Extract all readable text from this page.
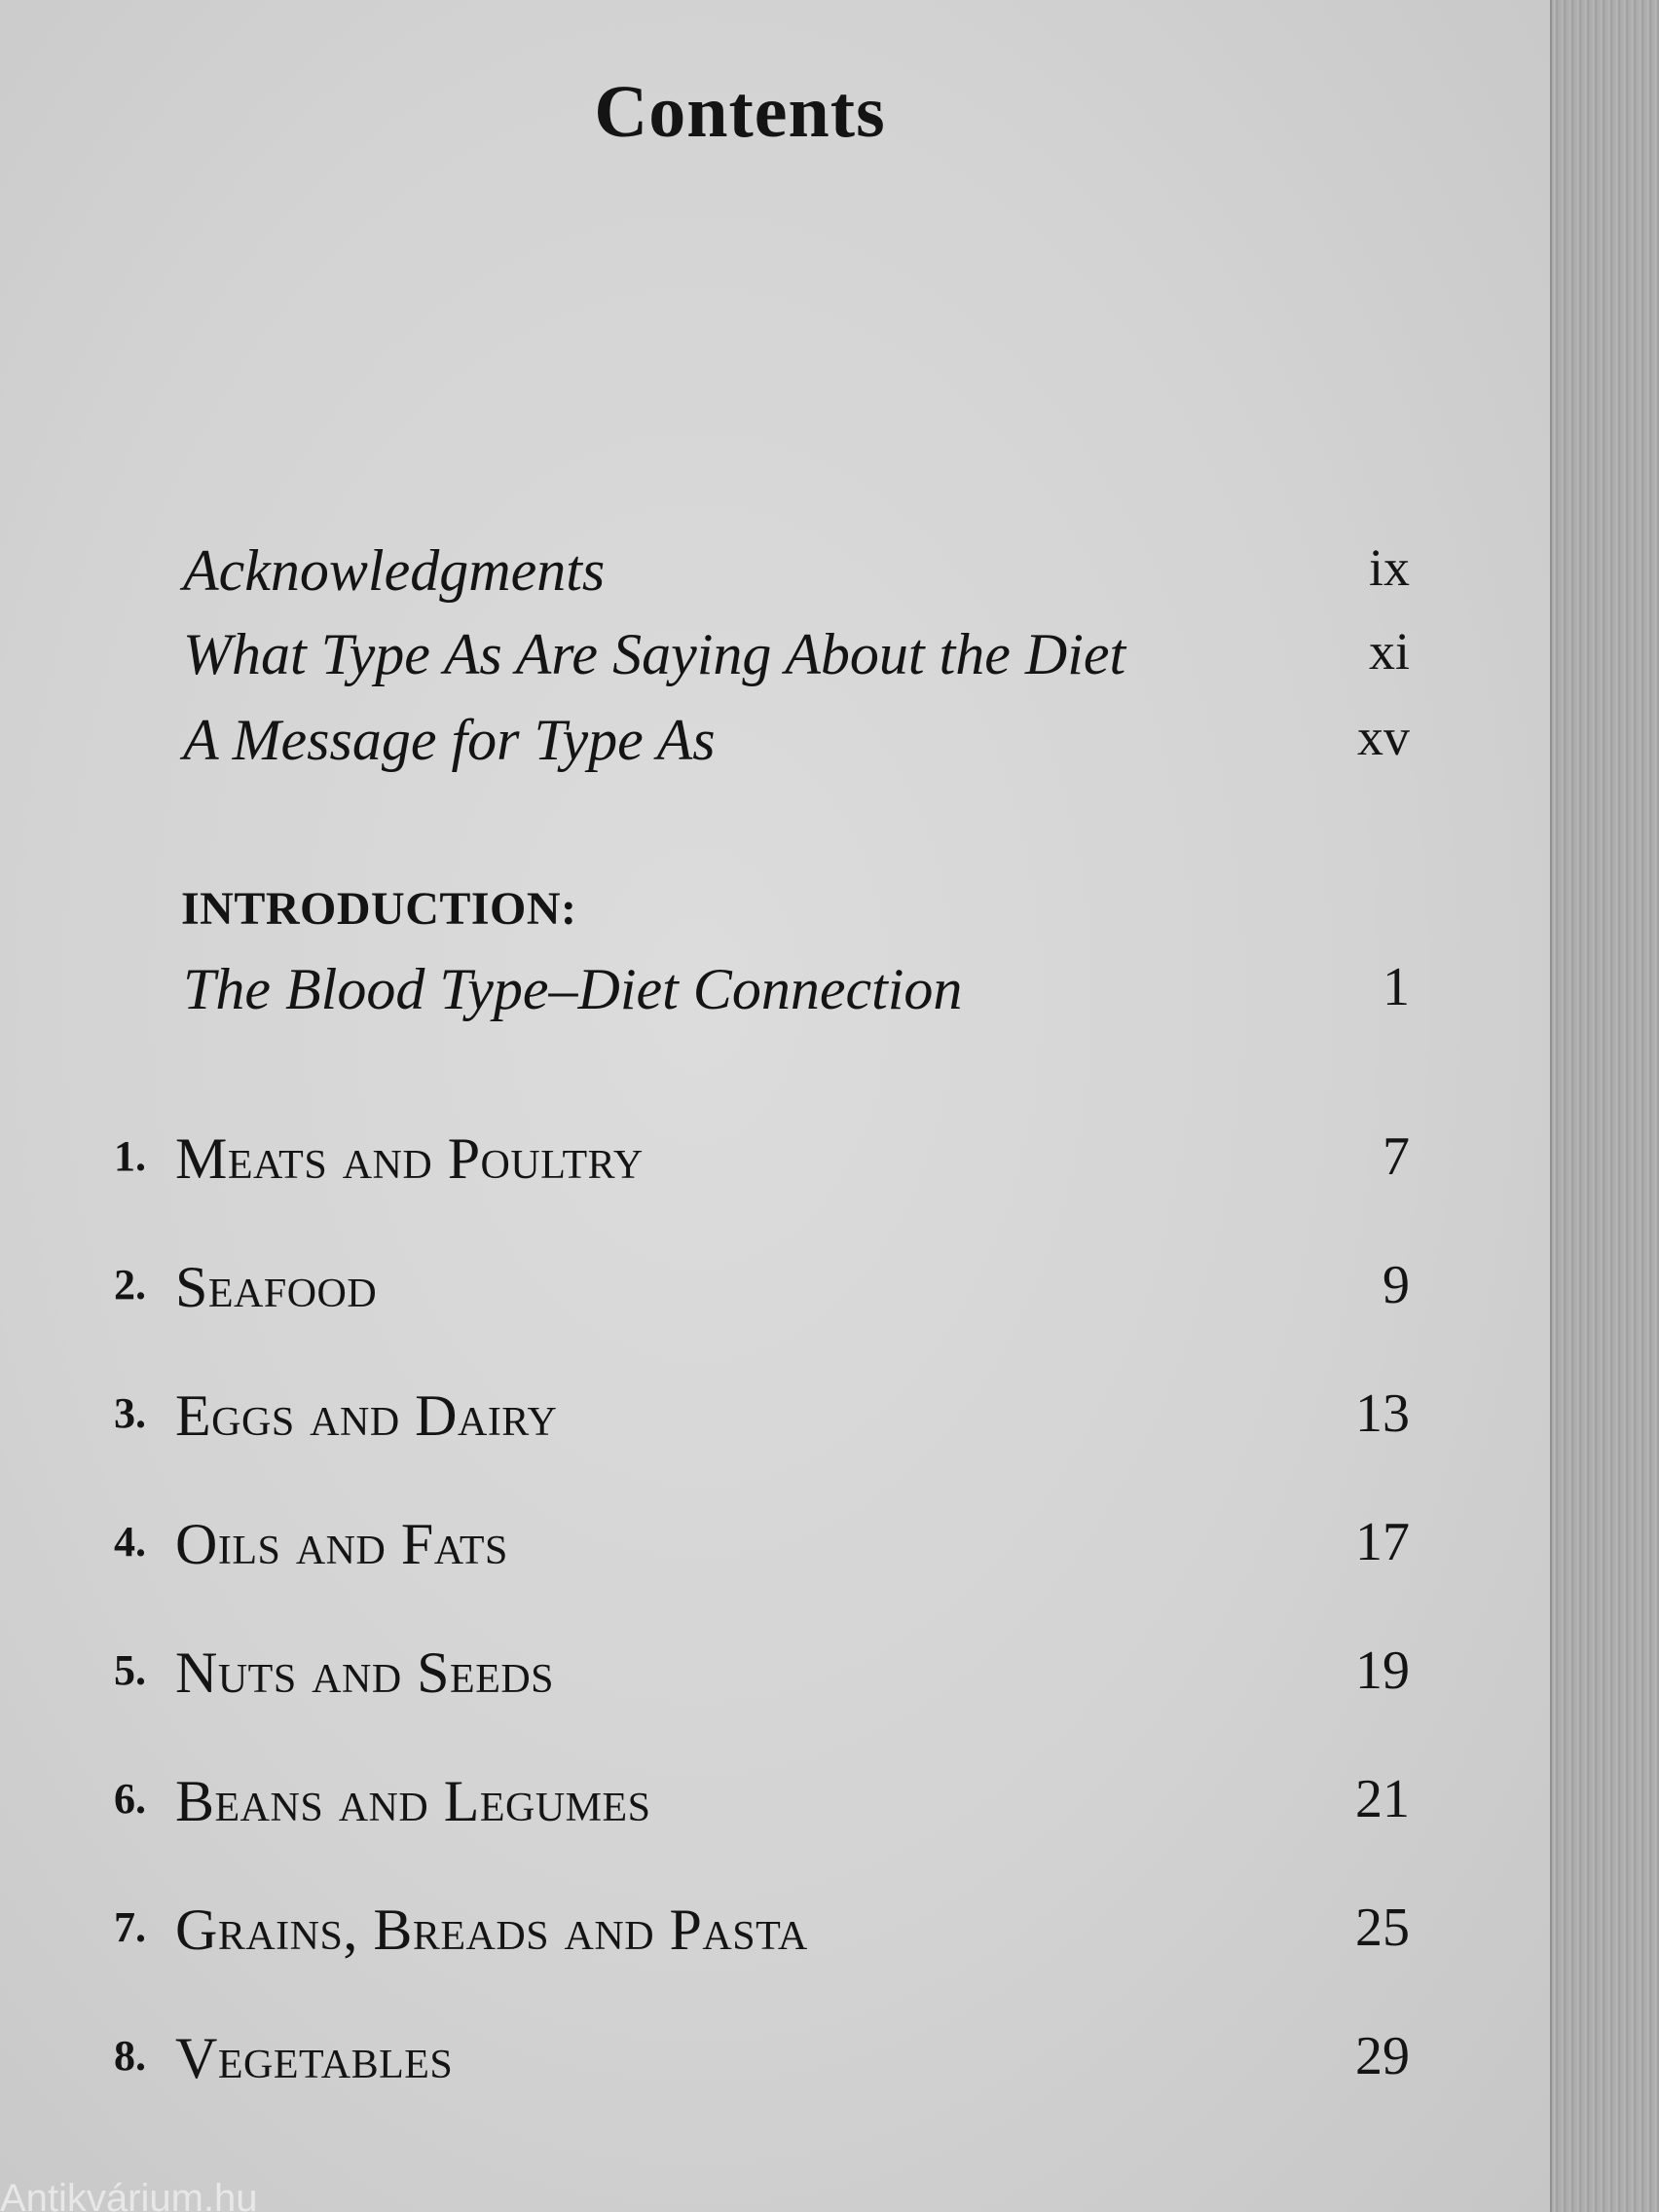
Contents
Acknowledgments	ix
What Type As Are Saying About the Diet	xi
A Message for Type As	xv
INTRODUCTION:
The Blood Type–Diet Connection	1
1. Meats and Poultry	7
2. Seafood	9
3. Eggs and Dairy	13
4. Oils and Fats	17
5. Nuts and Seeds	19
6. Beans and Legumes	21
7. Grains, Breads and Pasta	25
8. Vegetables	29
Antikvárium.hu
